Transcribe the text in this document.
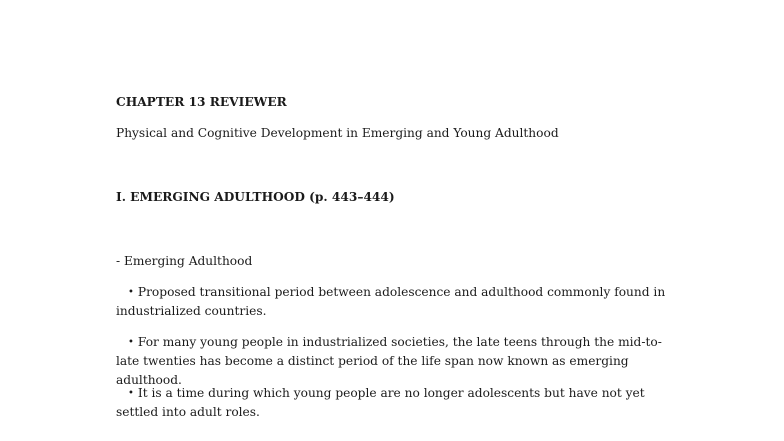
CHAPTER 13 REVIEWER
Physical and Cognitive Development in Emerging and Young Adulthood
I. EMERGING ADULTHOOD (p. 443–444)
- Emerging Adulthood
• Proposed transitional period between adolescence and adulthood commonly found in industrialized countries.
• For many young people in industrialized societies, the late teens through the mid-to-late twenties has become a distinct period of the life span now known as emerging adulthood.
• It is a time during which young people are no longer adolescents but have not yet settled into adult roles.
